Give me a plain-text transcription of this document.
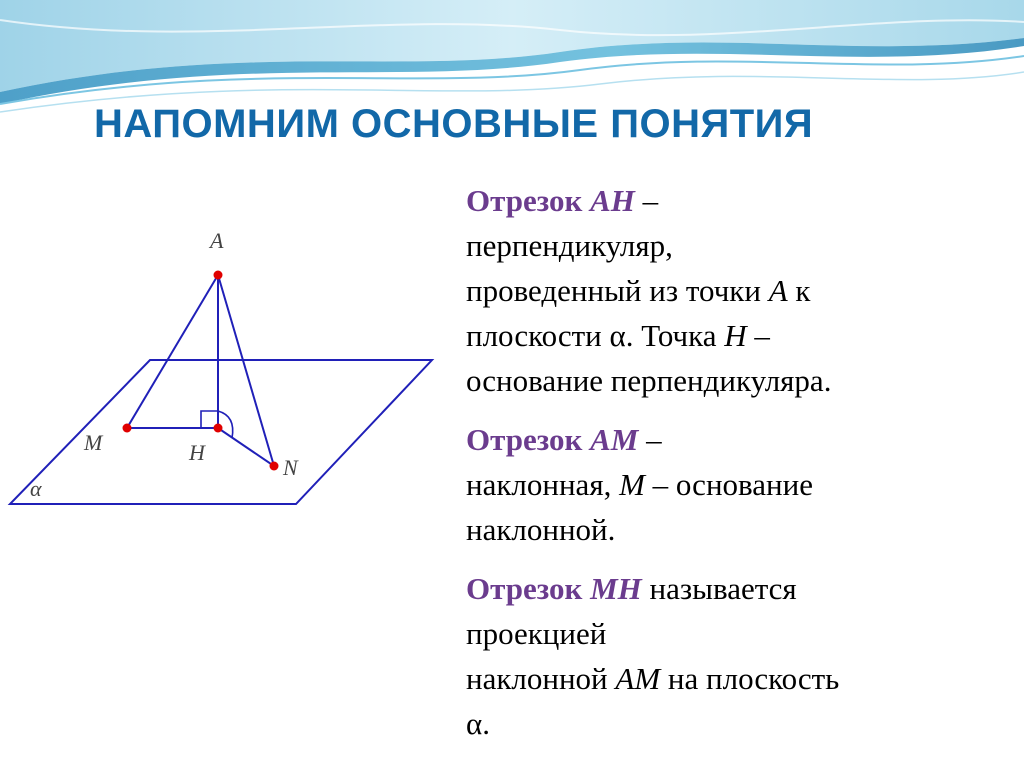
НАПОМНИМ ОСНОВНЫЕ ПОНЯТИЯ
A
M	H
N
α

Отрезок AH –
перпендикуляр,
проведенный из точки A к
плоскости α. Точка H –
основание перпендикуляра.

Отрезок AM –
наклонная, M – основание
наклонной.

Отрезок MH называется
проекцией
наклонной AM на плоскость
α.
